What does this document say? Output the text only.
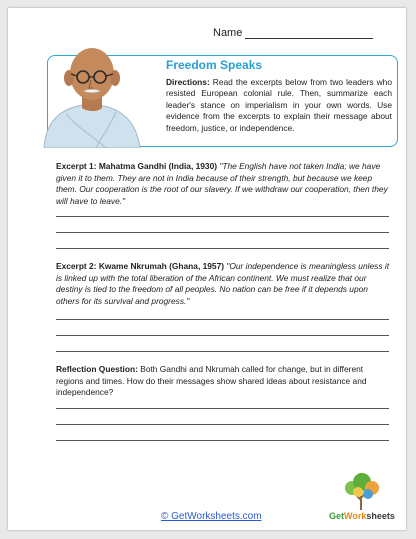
Name
Freedom Speaks
Directions: Read the excerpts below from two leaders who resisted European colonial rule. Then, summarize each leader's stance on imperialism in your own words. Use evidence from the excerpts to explain their message about freedom, justice, or independence.
Excerpt 1: Mahatma Gandhi (India, 1930) "The English have not taken India; we have given it to them. They are not in India because of their strength, but because we keep them. Our cooperation is the root of our slavery. If we withdraw our cooperation, then they will have to leave."
Excerpt 2: Kwame Nkrumah (Ghana, 1957) "Our independence is meaningless unless it is linked up with the total liberation of the African continent. We must realize that our destiny is tied to the freedom of all peoples. No nation can be free if it depends upon others for its survival and progress."
Reflection Question: Both Gandhi and Nkrumah called for change, but in different regions and times. How do their messages show shared ideas about resistance and independence?
© GetWorksheets.com	GetWorksheets
